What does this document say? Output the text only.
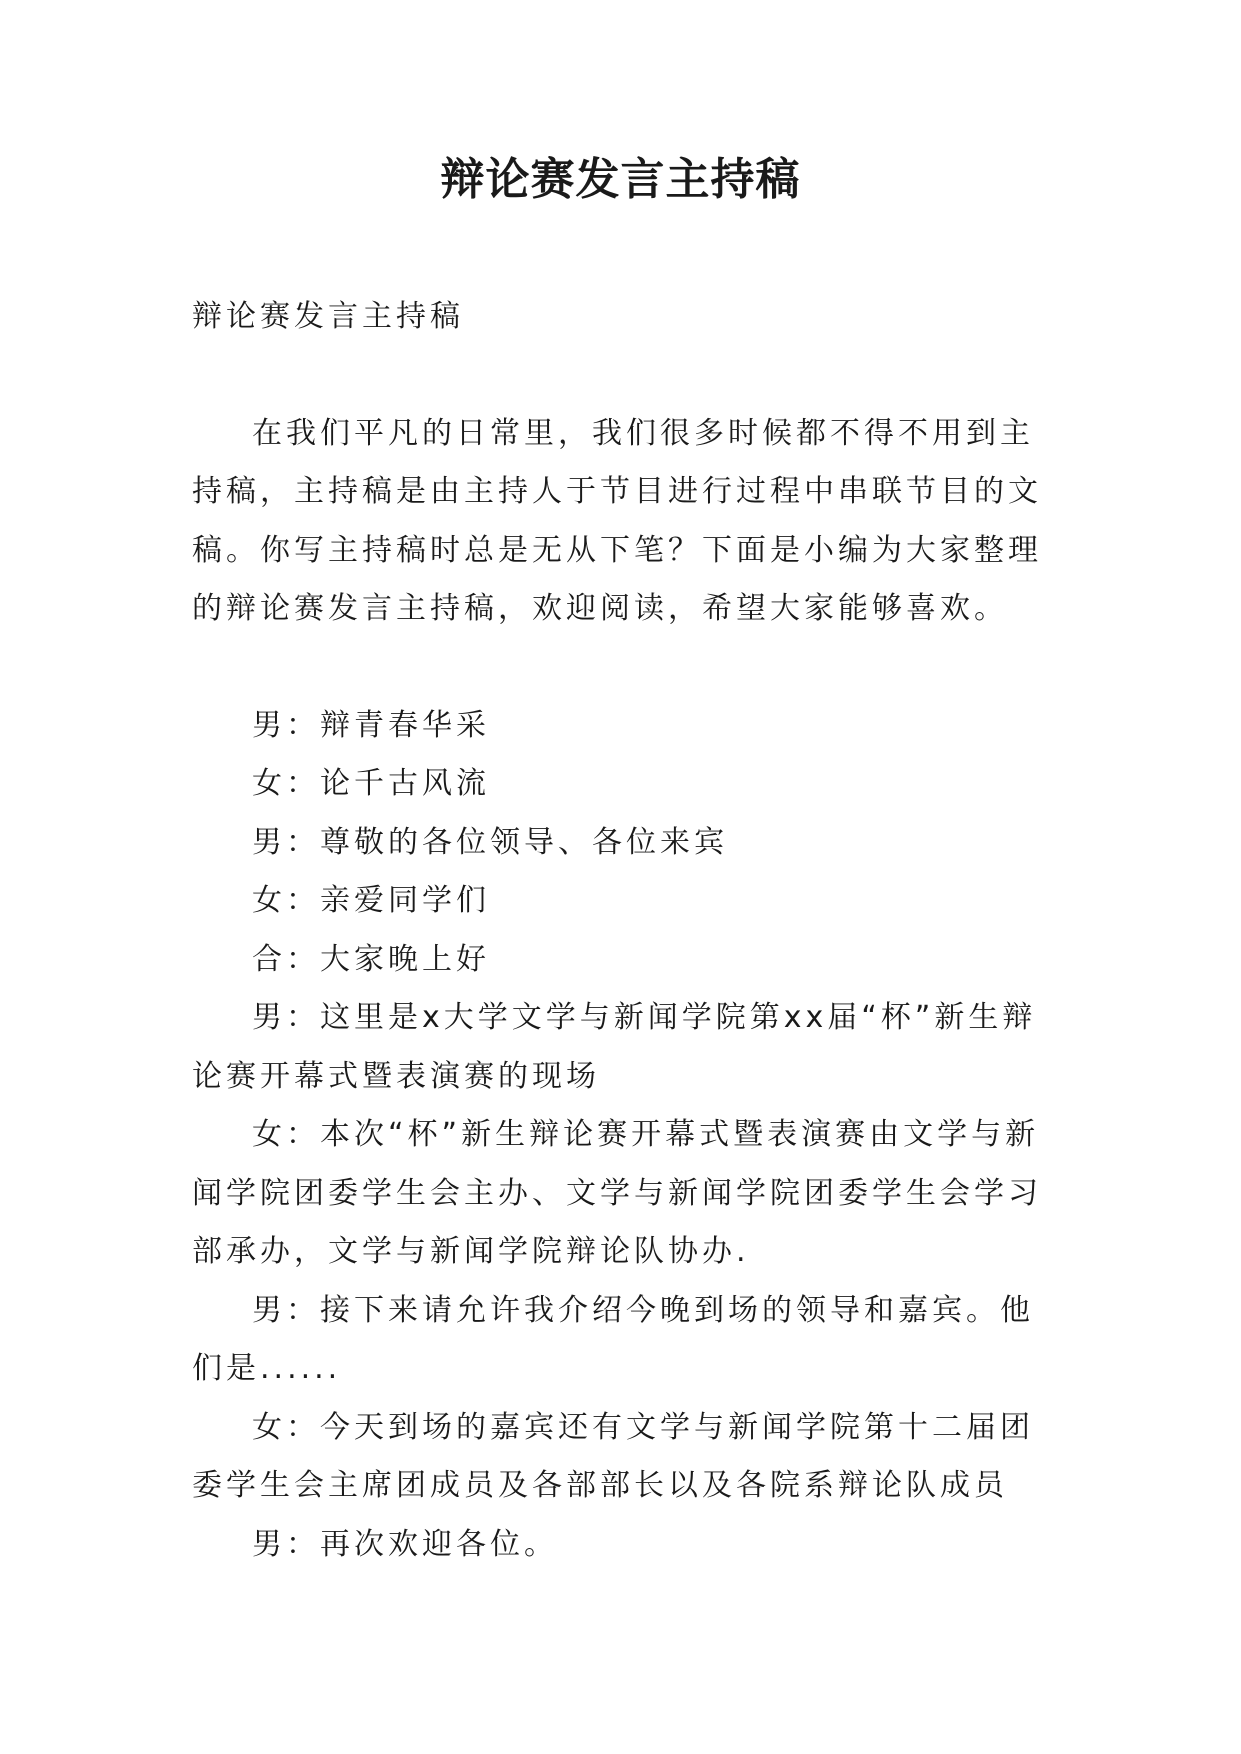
辩论赛发言主持稿

辩论赛发言主持稿

在我们平凡的日常里，我们很多时候都不得不用到主持稿，主持稿是由主持人于节目进行过程中串联节目的文稿。你写主持稿时总是无从下笔？下面是小编为大家整理的辩论赛发言主持稿，欢迎阅读，希望大家能够喜欢。

男：辩青春华采

女：论千古风流

男：尊敬的各位领导、各位来宾

女：亲爱同学们

合：大家晚上好

男：这里是x大学文学与新闻学院第xx届“杯”新生辩论赛开幕式暨表演赛的现场

女：本次“杯”新生辩论赛开幕式暨表演赛由文学与新闻学院团委学生会主办、文学与新闻学院团委学生会学习部承办，文学与新闻学院辩论队协办.

男：接下来请允许我介绍今晚到场的领导和嘉宾。他们是......

女：今天到场的嘉宾还有文学与新闻学院第十二届团委学生会主席团成员及各部部长以及各院系辩论队成员

男：再次欢迎各位。
